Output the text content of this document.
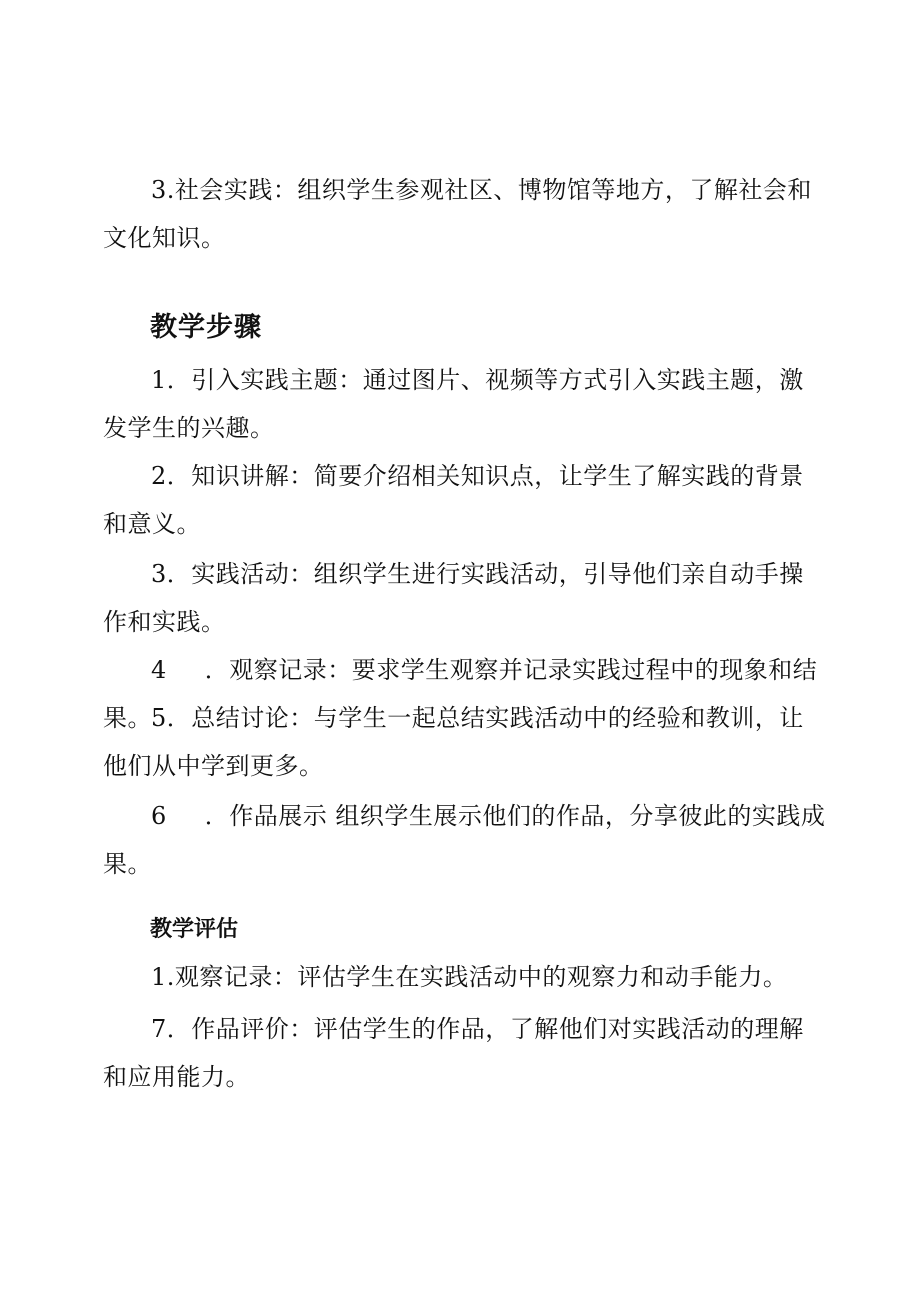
3.社会实践：组织学生参观社区、博物馆等地方，了解社会和文化知识。

教学步骤

1．引入实践主题：通过图片、视频等方式引入实践主题，激发学生的兴趣。

2．知识讲解：简要介绍相关知识点，让学生了解实践的背景和意义。

3．实践活动：组织学生进行实践活动，引导他们亲自动手操作和实践。

4 ．观察记录：要求学生观察并记录实践过程中的现象和结果。 5．总结讨论：与学生一起总结实践活动中的经验和教训，让他们从中学到更多。

6 ．作品展示 组织学生展示他们的作品，分享彼此的实践成果。

教学评估

1.观察记录：评估学生在实践活动中的观察力和动手能力。

7．作品评价：评估学生的作品，了解他们对实践活动的理解和应用能力。
